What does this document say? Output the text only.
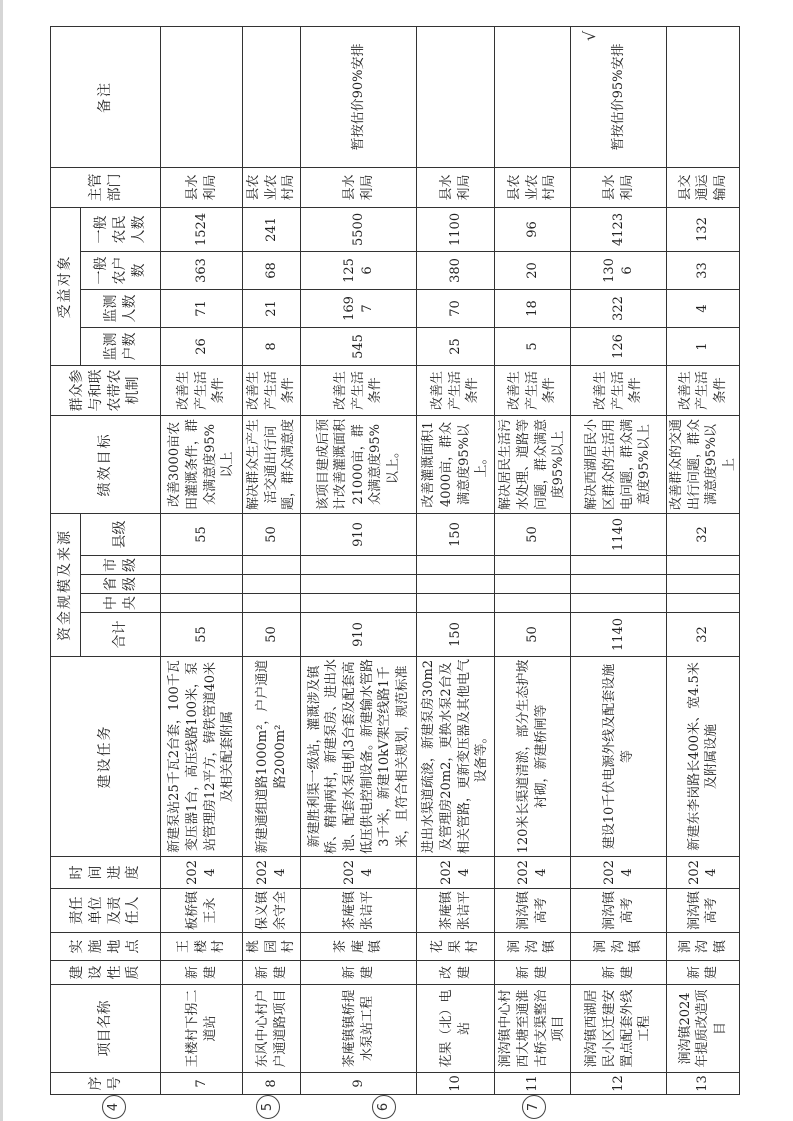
序号	项目名称	建设性质	实施地点	责任单位及责任人	时间进度	建设任务	资金规模及来源					绩效目标	群众参与和联农带农机制	受益对象				主管部门	备注
							合计	中央	省级	市级	县级			监测户数	监测人数	一般农户数	一般农民人数		
7	王楼村下拐二道站	新建	王楼村	板桥镇王永	2024	新建泵站25千瓦2台套，100千瓦变压器1台，高压线路100米，泵站管理房12平方，铸铁管道40米及相关配套附属	55				55	改善3000亩农田灌溉条件，群众满意度95%以上	改善生产生活条件	26	71	363	1524	县水利局	
8	东风中心村户户通道路项目	新建	桃园村	保义镇余守全	2024	新建通组道路1000m²，户户通道路2000m²	50				50	解决群众生产生活交通出行问题，群众满意度	改善生产生活条件	8	21	68	241	县农业农村局	
9	茶庵镇镇桥提水泵站工程	新建	茶庵镇	茶庵镇张诘平	2024	新建胜利渠一级站，灌溉涉及镇桥、精神两村，新建泵房、进出水池、配套水泵电机3台套及配套高低压供电控制设备。新建输水管路3千米，新建10kV架空线路1千米，且符合相关规划，规范标准	910				910	该项目建成后预计改善灌溉面积21000亩，群众满意度95%以上。	改善生产生活条件	545	1697	1256	5500	县水利局	暂按估价90%安排
10	花果（北）电站	改建	花果村	茶庵镇张诘平	2024	进出水渠道疏浚，新建泵房30m2及管理房20m2，更换水泵2台及相关管路，更新变压器及其他电气设备等。	150				150	改善灌溉面积14000亩，群众满意度95%以上。	改善生产生活条件	25	70	380	1100	县水利局	
11	涧沟镇中心村西大塘至通淮古桥支渠整治项目	新建	涧沟镇	涧沟镇高考	2024	120米长渠道清淤，部分生态护坡衬砌，新建桥闸等	50				50	解决居民生活污水处理、道路等问题，群众满意度95%以上	改善生产生活条件	5	18	20	96	县农业农村局	
12	涧沟镇西湖居民小区迁建安置点配套外线工程	新建	涧沟镇	涧沟镇高考	2024	建设10千伏电源外线及配套设施等	1140				1140	解决西湖居民小区群众的生活用电问题，群众满意度95%以上	改善生产生活条件	126	322	1306	4123	县水利局	暂按估价95%安排
13	涧沟镇2024年提质改造项目	新建	涧沟镇	涧沟镇高考	2024	新建东李岗路长400米、宽4.5米及附属设施	32				32	改善群众的交通出行问题，群众满意度95%以上	改善生产生活条件	1	4	33	132	县交通运输局	
4	5	6	7
√
